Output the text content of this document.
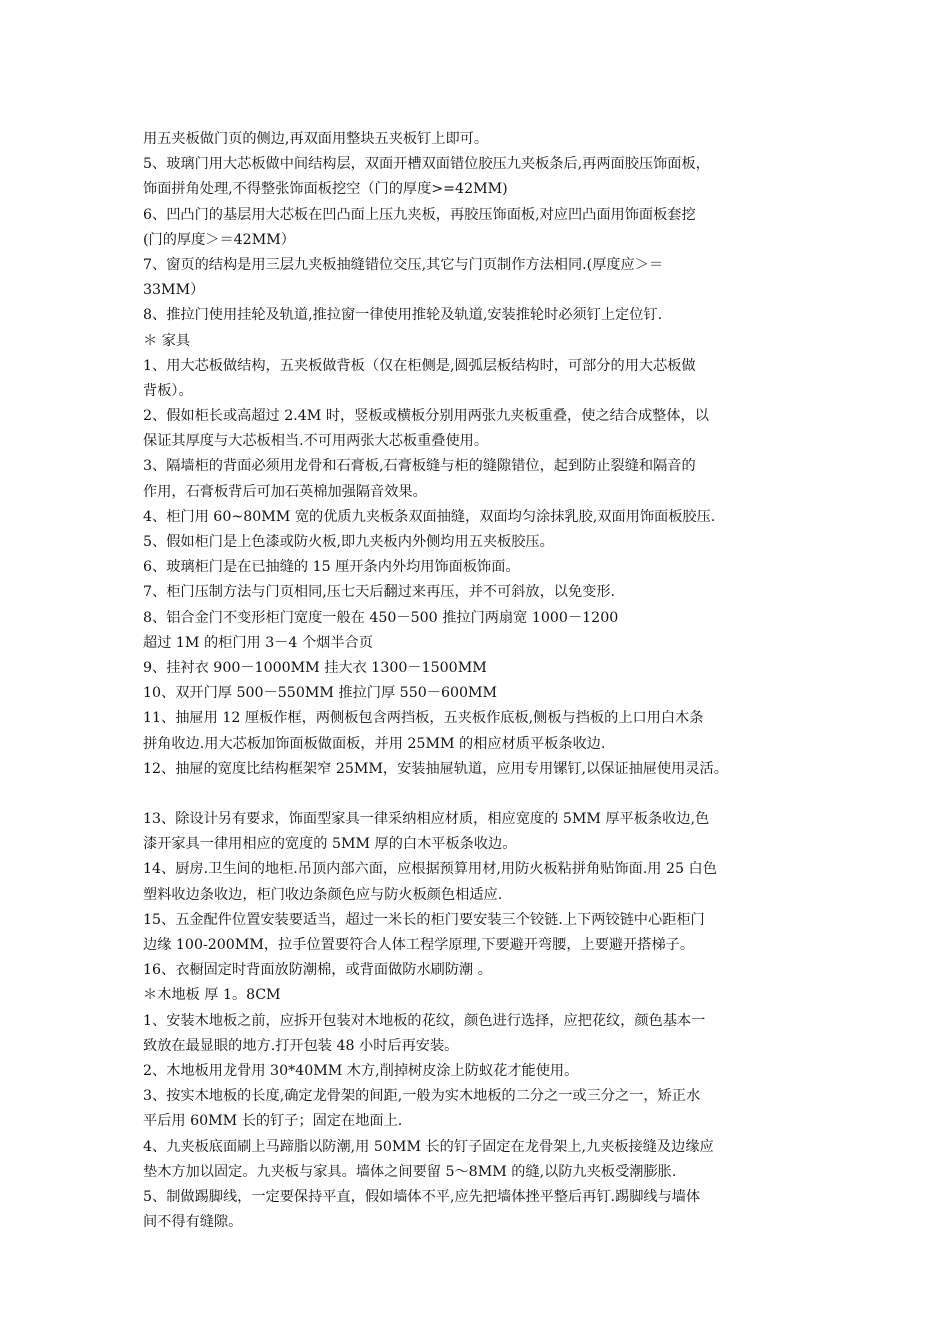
用五夹板做门页的侧边,再双面用整块五夹板钉上即可。
5、玻璃门用大芯板做中间结构层，双面开槽双面错位胶压九夹板条后,再两面胶压饰面板，
饰面拼角处理,不得整张饰面板挖空（门的厚度>=42MM)
6、凹凸门的基层用大芯板在凹凸面上压九夹板，再胶压饰面板,对应凹凸面用饰面板套挖
(门的厚度＞＝42MM）
7、窗页的结构是用三层九夹板抽缝错位交压,其它与门页制作方法相同.(厚度应＞＝
33MM）
8、推拉门使用挂轮及轨道,推拉窗一律使用推轮及轨道,安装推轮时必须钉上定位钉.
＊ 家具
1、用大芯板做结构，五夹板做背板（仅在柜侧是,圆弧层板结构时，可部分的用大芯板做
背板）。
2、假如柜长或高超过 2.4M 时，竖板或横板分别用两张九夹板重叠，使之结合成整体，以
保证其厚度与大芯板相当.不可用两张大芯板重叠使用。
3、隔墙柜的背面必须用龙骨和石膏板,石膏板缝与柜的缝隙错位，起到防止裂缝和隔音的
作用，石膏板背后可加石英棉加强隔音效果。
4、柜门用 60~80MM 宽的优质九夹板条双面抽缝，双面均匀涂抹乳胶,双面用饰面板胶压.
5、假如柜门是上色漆或防火板,即九夹板内外侧均用五夹板胶压。
6、玻璃柜门是在已抽缝的 15 厘开条内外均用饰面板饰面。
7、柜门压制方法与门页相同,压七天后翻过来再压，并不可斜放，以免变形.
8、铝合金门不变形柜门宽度一般在 450－500 推拉门两扇宽 1000－1200
超过 1M 的柜门用 3－4 个烟半合页
9、挂衬衣 900－1000MM 挂大衣 1300－1500MM
10、双开门厚 500－550MM 推拉门厚 550－600MM
11、抽屉用 12 厘板作框，两侧板包含两挡板，五夹板作底板,侧板与挡板的上口用白木条
拼角收边.用大芯板加饰面板做面板，并用 25MM 的相应材质平板条收边.
12、抽屉的宽度比结构框架窄 25MM，安装抽屉轨道，应用专用镙钉,以保证抽屉使用灵活。
13、除设计另有要求，饰面型家具一律采纳相应材质，相应宽度的 5MM 厚平板条收边,色
漆开家具一律用相应的宽度的 5MM 厚的白木平板条收边。
14、厨房.卫生间的地柜.吊顶内部六面，应根据预算用材,用防火板粘拼角贴饰面.用 25 白色
塑料收边条收边，柜门收边条颜色应与防火板颜色相适应.
15、五金配件位置安装要适当，超过一米长的柜门要安装三个铰链.上下两铰链中心距柜门
边缘 100-200MM，拉手位置要符合人体工程学原理,下要避开弯腰，上要避开搭梯子。
16、衣橱固定时背面放防潮棉，或背面做防水刷防潮 。
＊木地板 厚 1。8CM
1、安装木地板之前，应拆开包装对木地板的花纹，颜色进行选择，应把花纹，颜色基本一
致放在最显眼的地方.打开包装 48 小时后再安装。
2、木地板用龙骨用 30*40MM 木方,削掉树皮涂上防蚁花才能使用。
3、按实木地板的长度,确定龙骨架的间距,一般为实木地板的二分之一或三分之一，矫正水
平后用 60MM 长的钉子；固定在地面上.
4、九夹板底面刷上马蹄脂以防潮,用 50MM 长的钉子固定在龙骨架上,九夹板接缝及边缘应
垫木方加以固定。九夹板与家具。墙体之间要留 5～8MM 的缝,以防九夹板受潮膨胀.
5、制做踢脚线，一定要保持平直，假如墙体不平,应先把墙体挫平整后再钉.踢脚线与墙体
间不得有缝隙。
